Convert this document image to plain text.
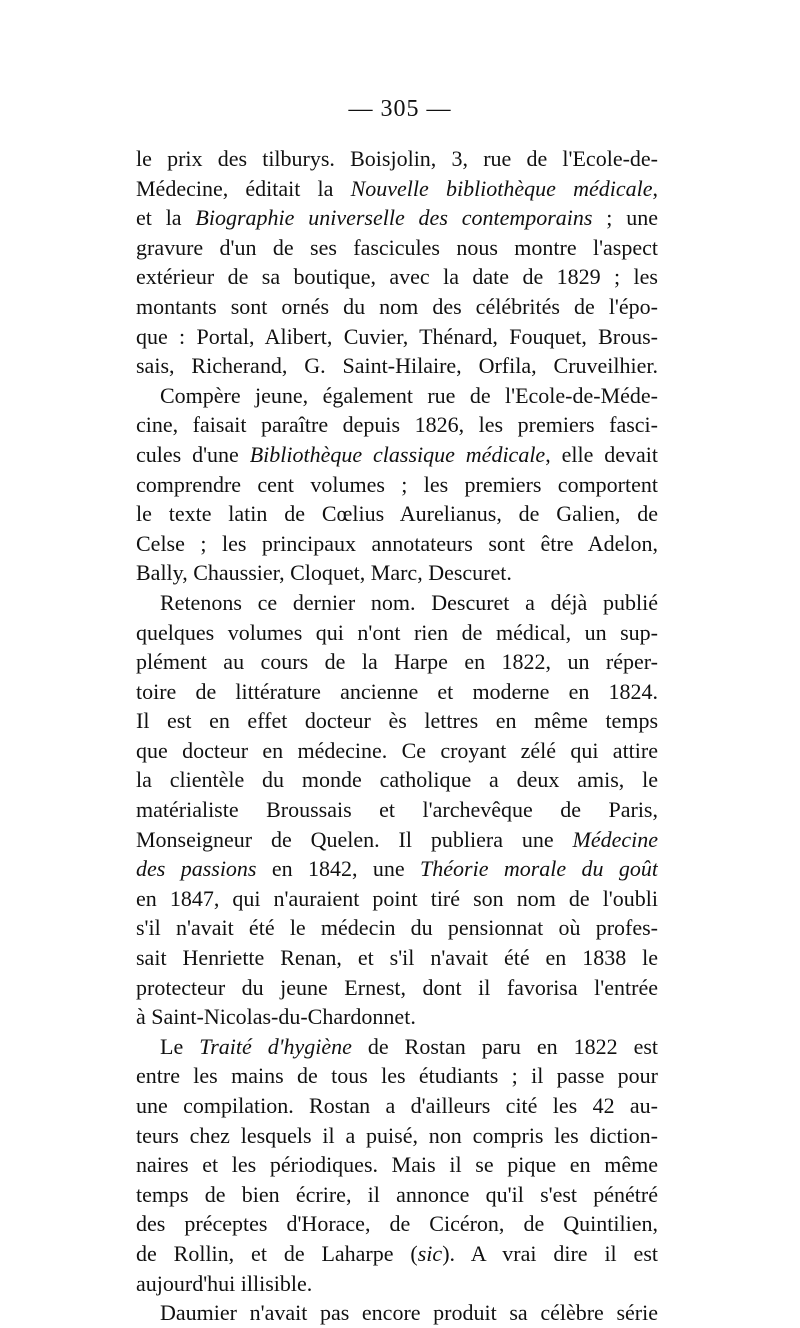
— 305 —

le prix des tilburys. Boisjolin, 3, rue de l'Ecole-de-
Médecine, éditait la Nouvelle bibliothèque médicale,
et la Biographie universelle des contemporains ; une
gravure d'un de ses fascicules nous montre l'aspect
extérieur de sa boutique, avec la date de 1829 ; les
montants sont ornés du nom des célébrités de l'épo-
que : Portal, Alibert, Cuvier, Thénard, Fouquet, Brous-
sais, Richerand, G. Saint-Hilaire, Orfila, Cruveilhier.

Compère jeune, également rue de l'Ecole-de-Méde-
cine, faisait paraître depuis 1826, les premiers fasci-
cules d'une Bibliothèque classique médicale, elle devait
comprendre cent volumes ; les premiers comportent
le texte latin de Cœlius Aurelianus, de Galien, de
Celse ; les principaux annotateurs sont être Adelon,
Bally, Chaussier, Cloquet, Marc, Descuret.

Retenons ce dernier nom. Descuret a déjà publié
quelques volumes qui n'ont rien de médical, un sup-
plément au cours de la Harpe en 1822, un réper-
toire de littérature ancienne et moderne en 1824.
Il est en effet docteur ès lettres en même temps
que docteur en médecine. Ce croyant zélé qui attire
la clientèle du monde catholique a deux amis, le
matérialiste Broussais et l'archevêque de Paris,
Monseigneur de Quelen. Il publiera une Médecine
des passions en 1842, une Théorie morale du goût
en 1847, qui n'auraient point tiré son nom de l'oubli
s'il n'avait été le médecin du pensionnat où profes-
sait Henriette Renan, et s'il n'avait été en 1838 le
protecteur du jeune Ernest, dont il favorisa l'entrée
à Saint-Nicolas-du-Chardonnet.

Le Traité d'hygiène de Rostan paru en 1822 est
entre les mains de tous les étudiants ; il passe pour
une compilation. Rostan a d'ailleurs cité les 42 au-
teurs chez lesquels il a puisé, non compris les diction-
naires et les périodiques. Mais il se pique en même
temps de bien écrire, il annonce qu'il s'est pénétré
des préceptes d'Horace, de Cicéron, de Quintilien,
de Rollin, et de Laharpe (sic). A vrai dire il est
aujourd'hui illisible.

Daumier n'avait pas encore produit sa célèbre série
